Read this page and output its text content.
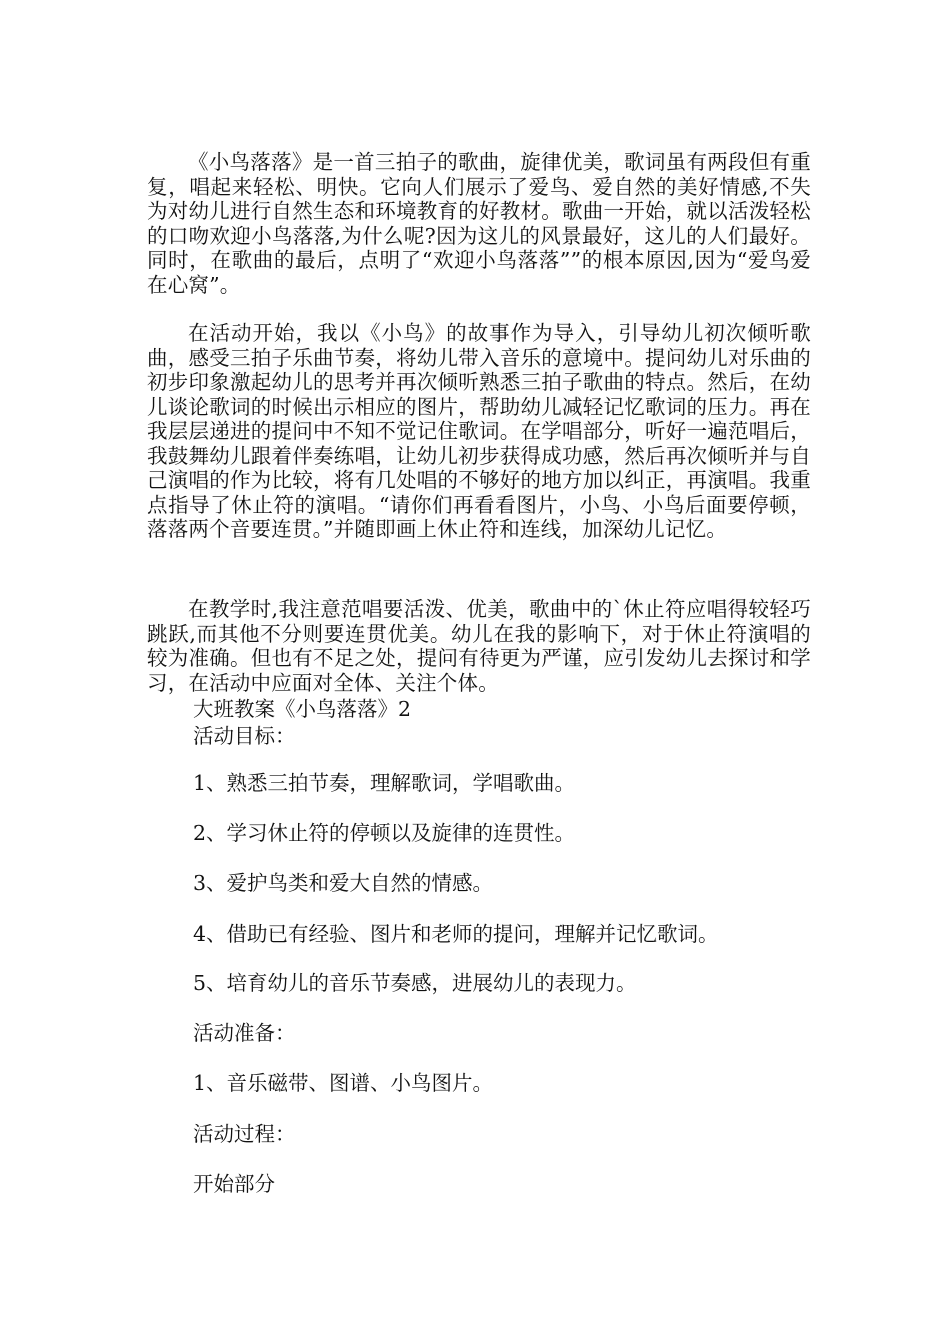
《小鸟落落》是一首三拍子的歌曲，旋律优美，歌词虽有两段但有重复，唱起来轻松、明快。它向人们展示了爱鸟、爱自然的美好情感,不失为对幼儿进行自然生态和环境教育的好教材。歌曲一开始，就以活泼轻松的口吻欢迎小鸟落落,为什么呢?因为这儿的风景最好，这儿的人们最好。同时，在歌曲的最后，点明了“欢迎小鸟落落””的根本原因,因为“爱鸟爱在心窝”。

在活动开始，我以《小鸟》的故事作为导入，引导幼儿初次倾听歌曲，感受三拍子乐曲节奏，将幼儿带入音乐的意境中。提问幼儿对乐曲的初步印象激起幼儿的思考并再次倾听熟悉三拍子歌曲的特点。然后，在幼儿谈论歌词的时候出示相应的图片，帮助幼儿减轻记忆歌词的压力。再在我层层递进的提问中不知不觉记住歌词。在学唱部分，听好一遍范唱后，我鼓舞幼儿跟着伴奏练唱，让幼儿初步获得成功感，然后再次倾听并与自己演唱的作为比较，将有几处唱的不够好的地方加以纠正，再演唱。我重点指导了休止符的演唱。“请你们再看看图片，小鸟、小鸟后面要停顿，落落两个音要连贯。”并随即画上休止符和连线，加深幼儿记忆。

在教学时,我注意范唱要活泼、优美，歌曲中的`休止符应唱得较轻巧跳跃,而其他不分则要连贯优美。幼儿在我的影响下，对于休止符演唱的较为准确。但也有不足之处，提问有待更为严谨，应引发幼儿去探讨和学习，在活动中应面对全体、关注个体。

大班教案《小鸟落落》2
活动目标：
1、熟悉三拍节奏，理解歌词，学唱歌曲。
2、学习休止符的停顿以及旋律的连贯性。
3、爱护鸟类和爱大自然的情感。
4、借助已有经验、图片和老师的提问，理解并记忆歌词。
5、培育幼儿的音乐节奏感，进展幼儿的表现力。
活动准备：
1、音乐磁带、图谱、小鸟图片。
活动过程：
开始部分
